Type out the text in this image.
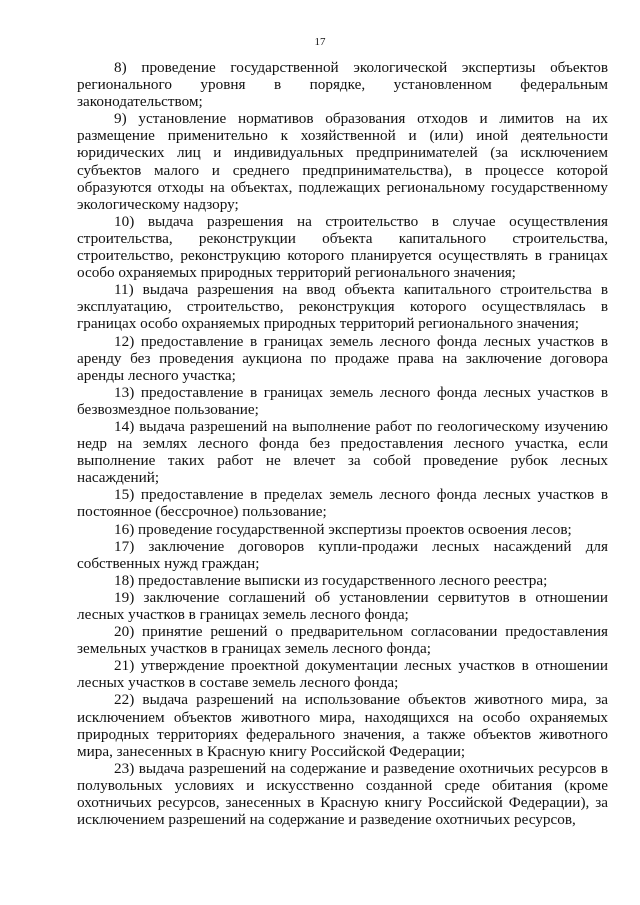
17

8) проведение государственной экологической экспертизы объектов регионального уровня в порядке, установленном федеральным законодательством;

9) установление нормативов образования отходов и лимитов на их размещение применительно к хозяйственной и (или) иной деятельности юридических лиц и индивидуальных предпринимателей (за исключением субъектов малого и среднего предпринимательства), в процессе которой образуются отходы на объектах, подлежащих региональному государственному экологическому надзору;

10) выдача разрешения на строительство в случае осуществления строительства, реконструкции объекта капитального строительства, строительство, реконструкцию которого планируется осуществлять в границах особо охраняемых природных территорий регионального значения;

11) выдача разрешения на ввод объекта капитального строительства в эксплуатацию, строительство, реконструкция которого осуществлялась в границах особо охраняемых природных территорий регионального значения;

12) предоставление в границах земель лесного фонда лесных участков в аренду без проведения аукциона по продаже права на заключение договора аренды лесного участка;

13) предоставление в границах земель лесного фонда лесных участков в безвозмездное пользование;

14) выдача разрешений на выполнение работ по геологическому изучению недр на землях лесного фонда без предоставления лесного участка, если выполнение таких работ не влечет за собой проведение рубок лесных насаждений;

15) предоставление в пределах земель лесного фонда лесных участков в постоянное (бессрочное) пользование;

16) проведение государственной экспертизы проектов освоения лесов;

17) заключение договоров купли-продажи лесных насаждений для собственных нужд граждан;

18) предоставление выписки из государственного лесного реестра;

19) заключение соглашений об установлении сервитутов в отношении лесных участков в границах земель лесного фонда;

20) принятие решений о предварительном согласовании предоставления земельных участков в границах земель лесного фонда;

21) утверждение проектной документации лесных участков в отношении лесных участков в составе земель лесного фонда;

22) выдача разрешений на использование объектов животного мира, за исключением объектов животного мира, находящихся на особо охраняемых природных территориях федерального значения, а также объектов животного мира, занесенных в Красную книгу Российской Федерации;

23) выдача разрешений на содержание и разведение охотничьих ресурсов в полувольных условиях и искусственно созданной среде обитания (кроме охотничьих ресурсов, занесенных в Красную книгу Российской Федерации), за исключением разрешений на содержание и разведение охотничьих ресурсов,
